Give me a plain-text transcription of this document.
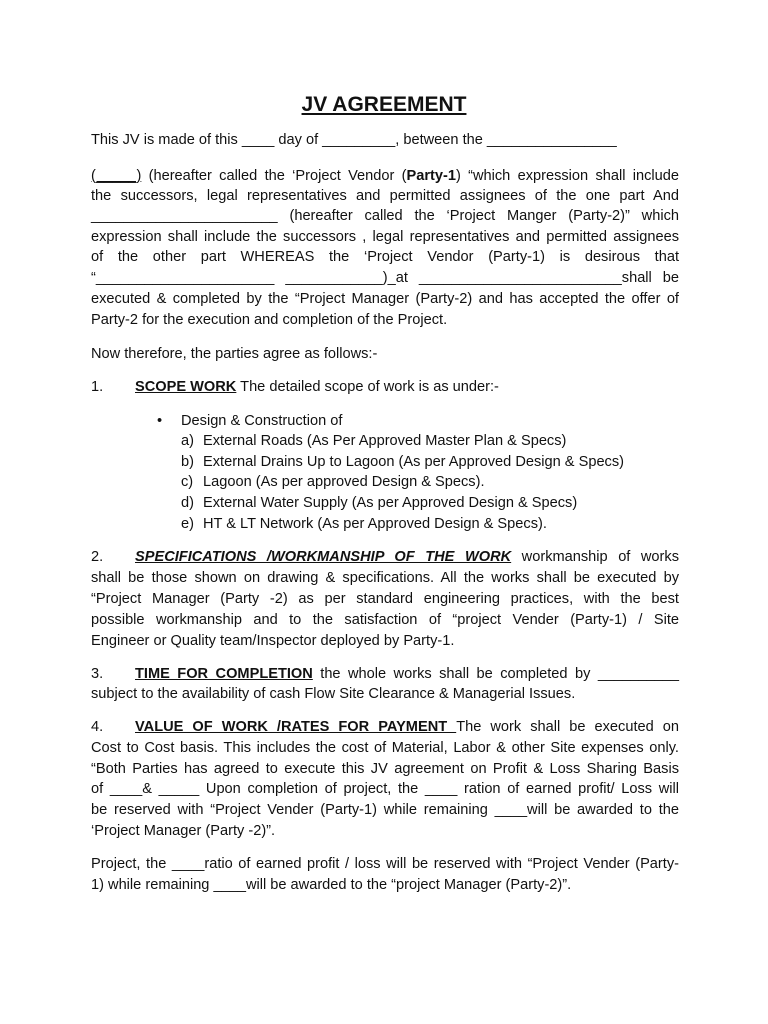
JV AGREEMENT
This JV is made of this ____ day of _________, between the ________________
(_____) (hereafter called the ‘Project Vendor (Party-1) “which expression shall include
the successors, legal representatives and permitted assignees of the one part And
_______________________ (hereafter called the ‘Project Manger (Party-2)” which
expression shall include the successors , legal representatives and permitted assignees
of the other part WHEREAS the ‘Project Vendor (Party-1) is desirous that
“______________________ ____________)_at _________________________shall be
executed & completed by the “Project Manager (Party-2) and has accepted the offer of
Party-2 for the execution and completion of the Project.
Now therefore, the parties agree as follows:-
1. SCOPE WORK The detailed scope of work is as under:-
• Design & Construction of
a) External Roads (As Per Approved Master Plan & Specs)
b) External Drains Up to Lagoon (As per Approved Design & Specs)
c) Lagoon (As per approved Design & Specs).
d) External Water Supply (As per Approved Design & Specs)
e) HT & LT Network (As per Approved Design & Specs).
2. SPECIFICATIONS /WORKMANSHIP OF THE WORK workmanship of works
shall be those shown on drawing & specifications. All the works shall be executed by
“Project Manager (Party -2) as per standard engineering practices, with the best
possible workmanship and to the satisfaction of “project Vender (Party-1) / Site
Engineer or Quality team/Inspector deployed by Party-1.
3. TIME FOR COMPLETION the whole works shall be completed by __________
subject to the availability of cash Flow Site Clearance & Managerial Issues.
4. VALUE OF WORK /RATES FOR PAYMENT The work shall be executed on
Cost to Cost basis. This includes the cost of Material, Labor & other Site expenses only.
“Both Parties has agreed to execute this JV agreement on Profit & Loss Sharing Basis
of ____& _____ Upon completion of project, the ____ ration of earned profit/ Loss will
be reserved with “Project Vender (Party-1) while remaining ____will be awarded to the
‘Project Manager (Party -2)”.
Project, the ____ratio of earned profit / loss will be reserved with “Project Vender (Party-
1) while remaining ____will be awarded to the “project Manager (Party-2)”.
